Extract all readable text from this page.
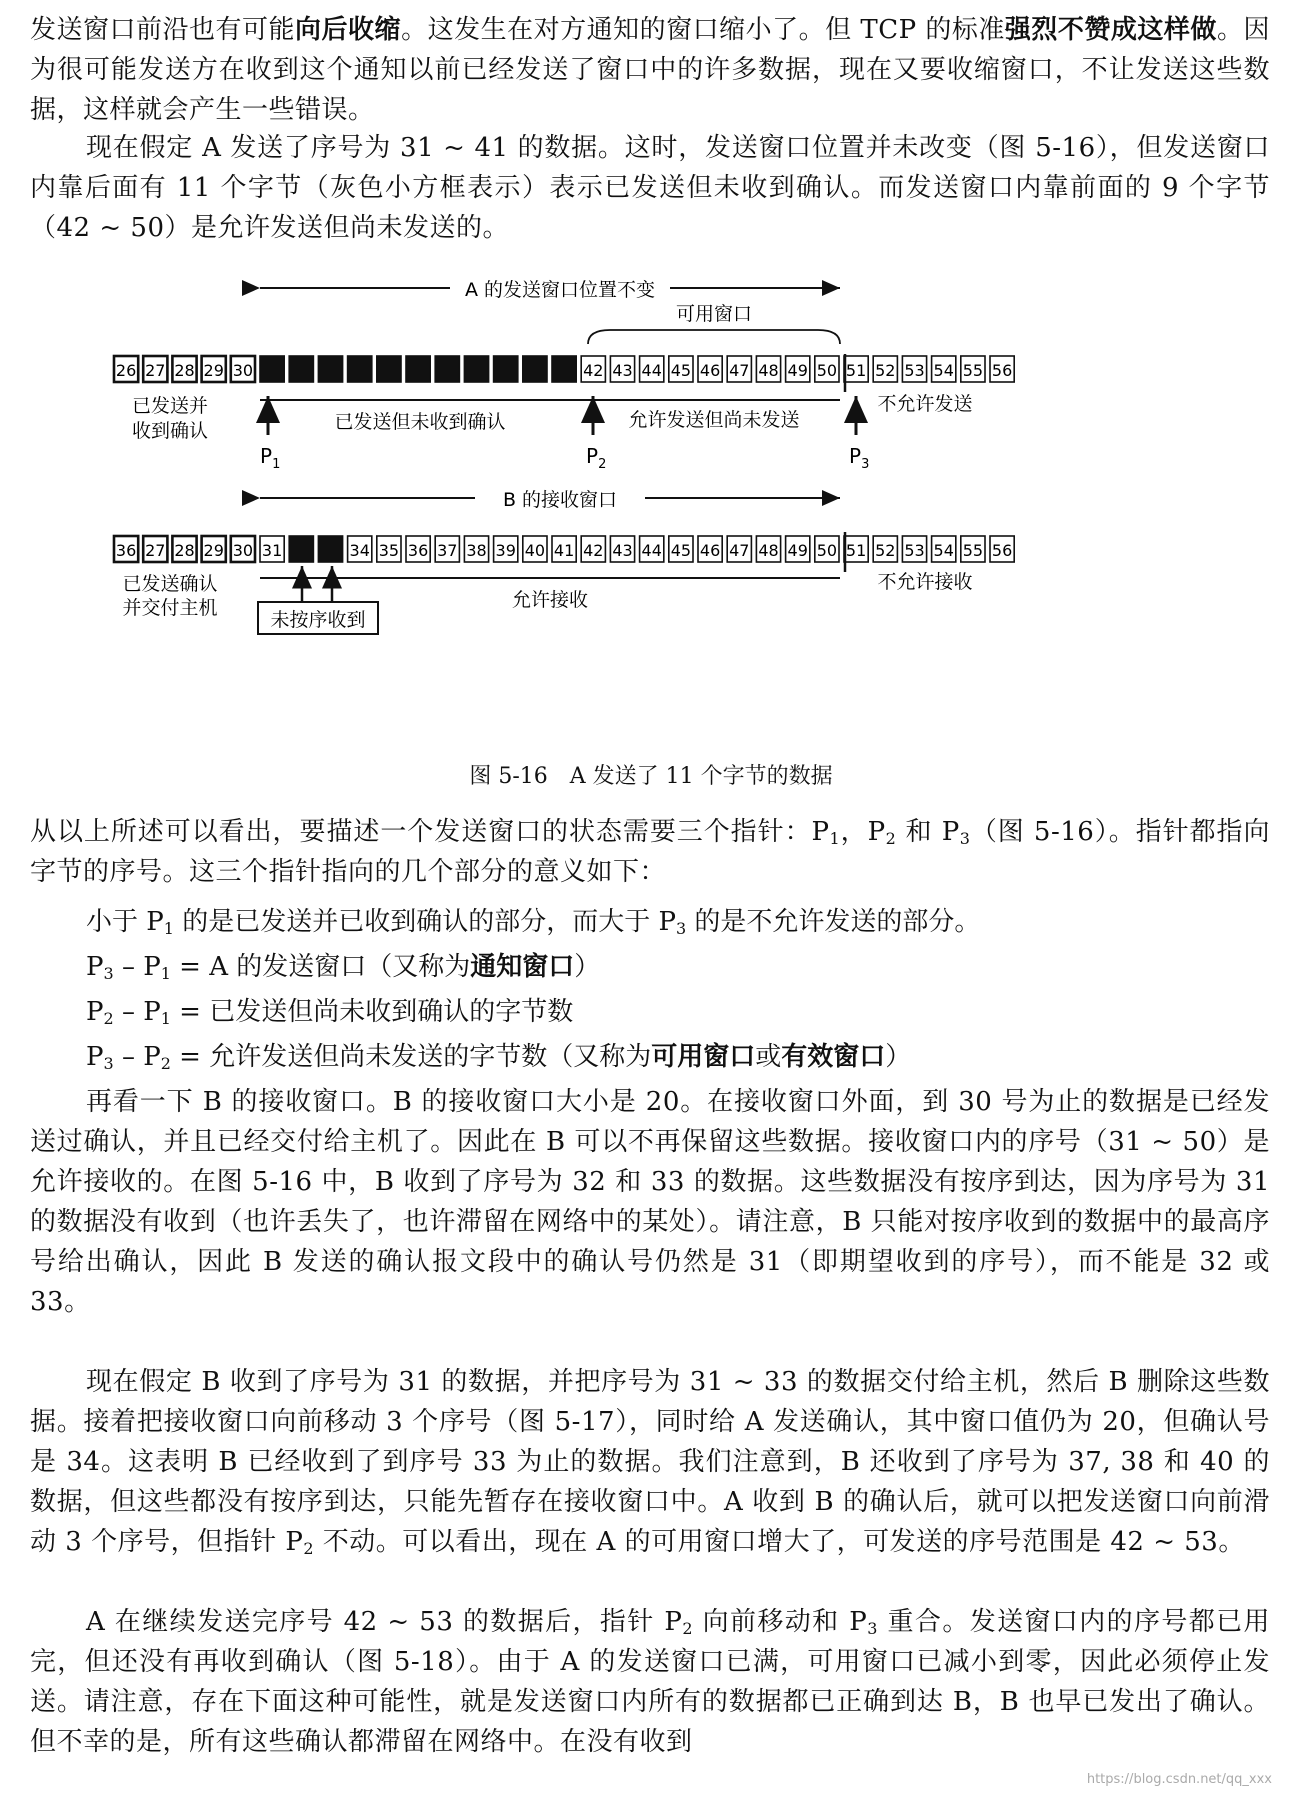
发送窗口前沿也有可能向后收缩。这发生在对方通知的窗口缩小了。但 TCP 的标准强烈不赞成这样做。因为很可能发送方在收到这个通知以前已经发送了窗口中的许多数据，现在又要收缩窗口，不让发送这些数据，这样就会产生一些错误。
现在假定 A 发送了序号为 31 ~ 41 的数据。这时，发送窗口位置并未改变（图 5-16），但发送窗口内靠后面有 11 个字节（灰色小方框表示）表示已发送但未收到确认。而发送窗口内靠前面的 9 个字节（42 ~ 50）是允许发送但尚未发送的。
A 的发送窗口位置不变
可用窗口
26 27 28 29 30	42 43 44 45 46 47 48 49 50 51 52 53 54 55 56
$P_1$	$P_2$	$P_3$
已发送并
收到确认	已发送但未收到确认	允许发送但尚未发送
不允许发送
B 的接收窗口
36 27 28 29 30 31	34 35 36 37 38 39 40 41 42 43 44 45 46 47 48 49 50 51 52 53 54 55 56
未按序收到
已发送确认
并交付主机	允许接收
不允许接收
图 5-16　A 发送了 11 个字节的数据
从以上所述可以看出，要描述一个发送窗口的状态需要三个指针：$P_1$，$P_2$ 和 $P_3$（图 5-16）。指针都指向字节的序号。这三个指针指向的几个部分的意义如下：
小于 $P_1$ 的是已发送并已收到确认的部分，而大于 $P_3$ 的是不允许发送的部分。
$P_3 - P_1 = A$ 的发送窗口（又称为通知窗口）
$P_2 - P_1$ = 已发送但尚未收到确认的字节数
$P_3 - P_2$ = 允许发送但尚未发送的字节数（又称为可用窗口或有效窗口）
再看一下 B 的接收窗口。B 的接收窗口大小是 20。在接收窗口外面，到 30 号为止的数据是已经发送过确认，并且已经交付给主机了。因此在 B 可以不再保留这些数据。接收窗口内的序号（31 ~ 50）是允许接收的。在图 5-16 中，B 收到了序号为 32 和 33 的数据。这些数据没有按序到达，因为序号为 31 的数据没有收到（也许丢失了，也许滞留在网络中的某处）。请注意，B 只能对按序收到的数据中的最高序号给出确认，因此 B 发送的确认报文段中的确认号仍然是 31（即期望收到的序号），而不能是 32 或 33。
现在假定 B 收到了序号为 31 的数据，并把序号为 31 ~ 33 的数据交付给主机，然后 B 删除这些数据。接着把接收窗口向前移动 3 个序号（图 5-17），同时给 A 发送确认，其中窗口值仍为 20，但确认号是 34。这表明 B 已经收到了到序号 33 为止的数据。我们注意到，B 还收到了序号为 37, 38 和 40 的数据，但这些都没有按序到达，只能先暂存在接收窗口中。A 收到 B 的确认后，就可以把发送窗口向前滑动 3 个序号，但指针 $P_2$ 不动。可以看出，现在 A 的可用窗口增大了，可发送的序号范围是 42 ~ 53。
A 在继续发送完序号 42 ~ 53 的数据后，指针 $P_2$ 向前移动和 $P_3$ 重合。发送窗口内的序号都已用完，但还没有再收到确认（图 5-18）。由于 A 的发送窗口已满，可用窗口已减小到零，因此必须停止发送。请注意，存在下面这种可能性，就是发送窗口内所有的数据都已正确到达 B，B 也早已发出了确认。但不幸的是，所有这些确认都滞留在网络中。在没有收到
https://blog.csdn.net/qq_xxx
